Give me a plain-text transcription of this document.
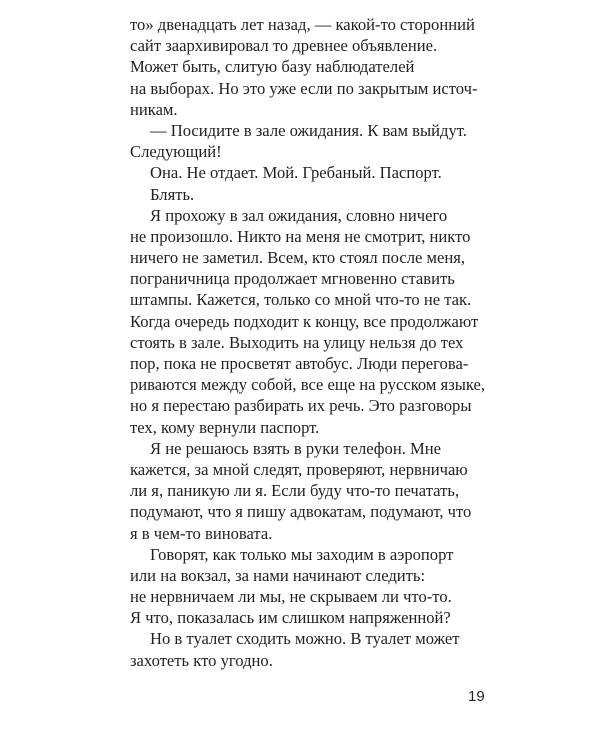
то» двенадцать лет назад, — какой-то сторонний
сайт заархивировал то древнее объявление.
Может быть, слитую базу наблюдателей
на выборах. Но это уже если по закрытым источ-
никам.
— Посидите в зале ожидания. К вам выйдут.
Следующий!
Она. Не отдает. Мой. Гребаный. Паспорт.
Блять.
Я прохожу в зал ожидания, словно ничего
не произошло. Никто на меня не смотрит, никто
ничего не заметил. Всем, кто стоял после меня,
пограничница продолжает мгновенно ставить
штампы. Кажется, только со мной что-то не так.
Когда очередь подходит к концу, все продолжают
стоять в зале. Выходить на улицу нельзя до тех
пор, пока не просветят автобус. Люди перегова-
риваются между собой, все еще на русском языке,
но я перестаю разбирать их речь. Это разговоры
тех, кому вернули паспорт.
Я не решаюсь взять в руки телефон. Мне
кажется, за мной следят, проверяют, нервничаю
ли я, паникую ли я. Если буду что-то печатать,
подумают, что я пишу адвокатам, подумают, что
я в чем-то виновата.
Говорят, как только мы заходим в аэропорт
или на вокзал, за нами начинают следить:
не нервничаем ли мы, не скрываем ли что-то.
Я что, показалась им слишком напряженной?
Но в туалет сходить можно. В туалет может
захотеть кто угодно.
19
